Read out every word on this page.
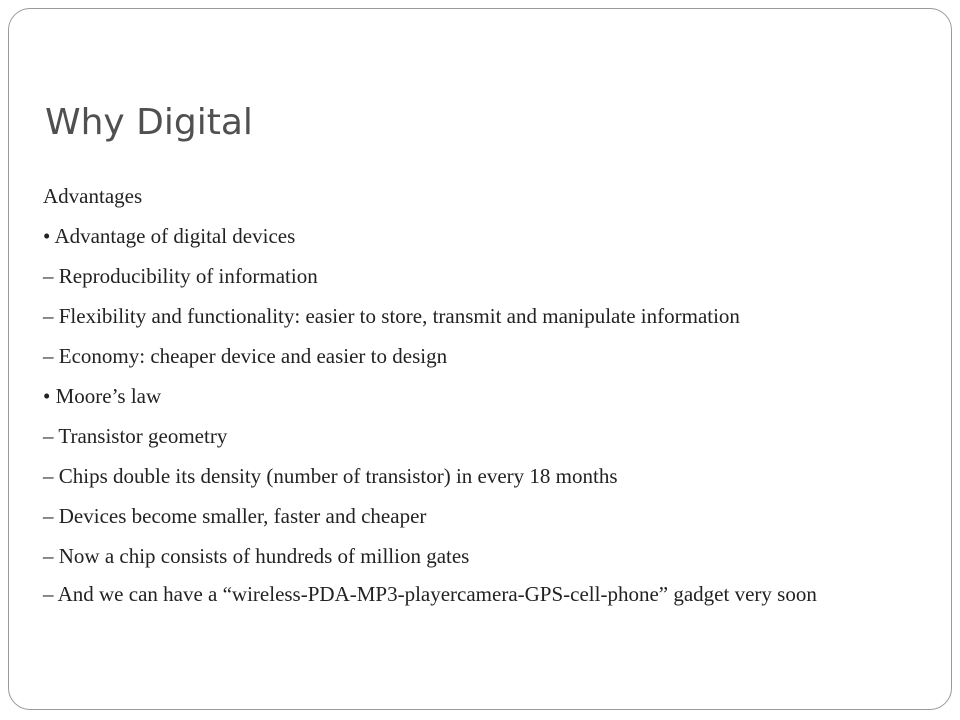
Why Digital
Advantages
• Advantage of digital devices
– Reproducibility of information
– Flexibility and functionality: easier to store, transmit and manipulate information
– Economy: cheaper device and easier to design
• Moore’s law
– Transistor geometry
– Chips double its density (number of transistor) in every 18 months
– Devices become smaller, faster and cheaper
– Now a chip consists of hundreds of million gates
– And we can have a “wireless-PDA-MP3-playercamera-GPS-cell-phone” gadget very soon
